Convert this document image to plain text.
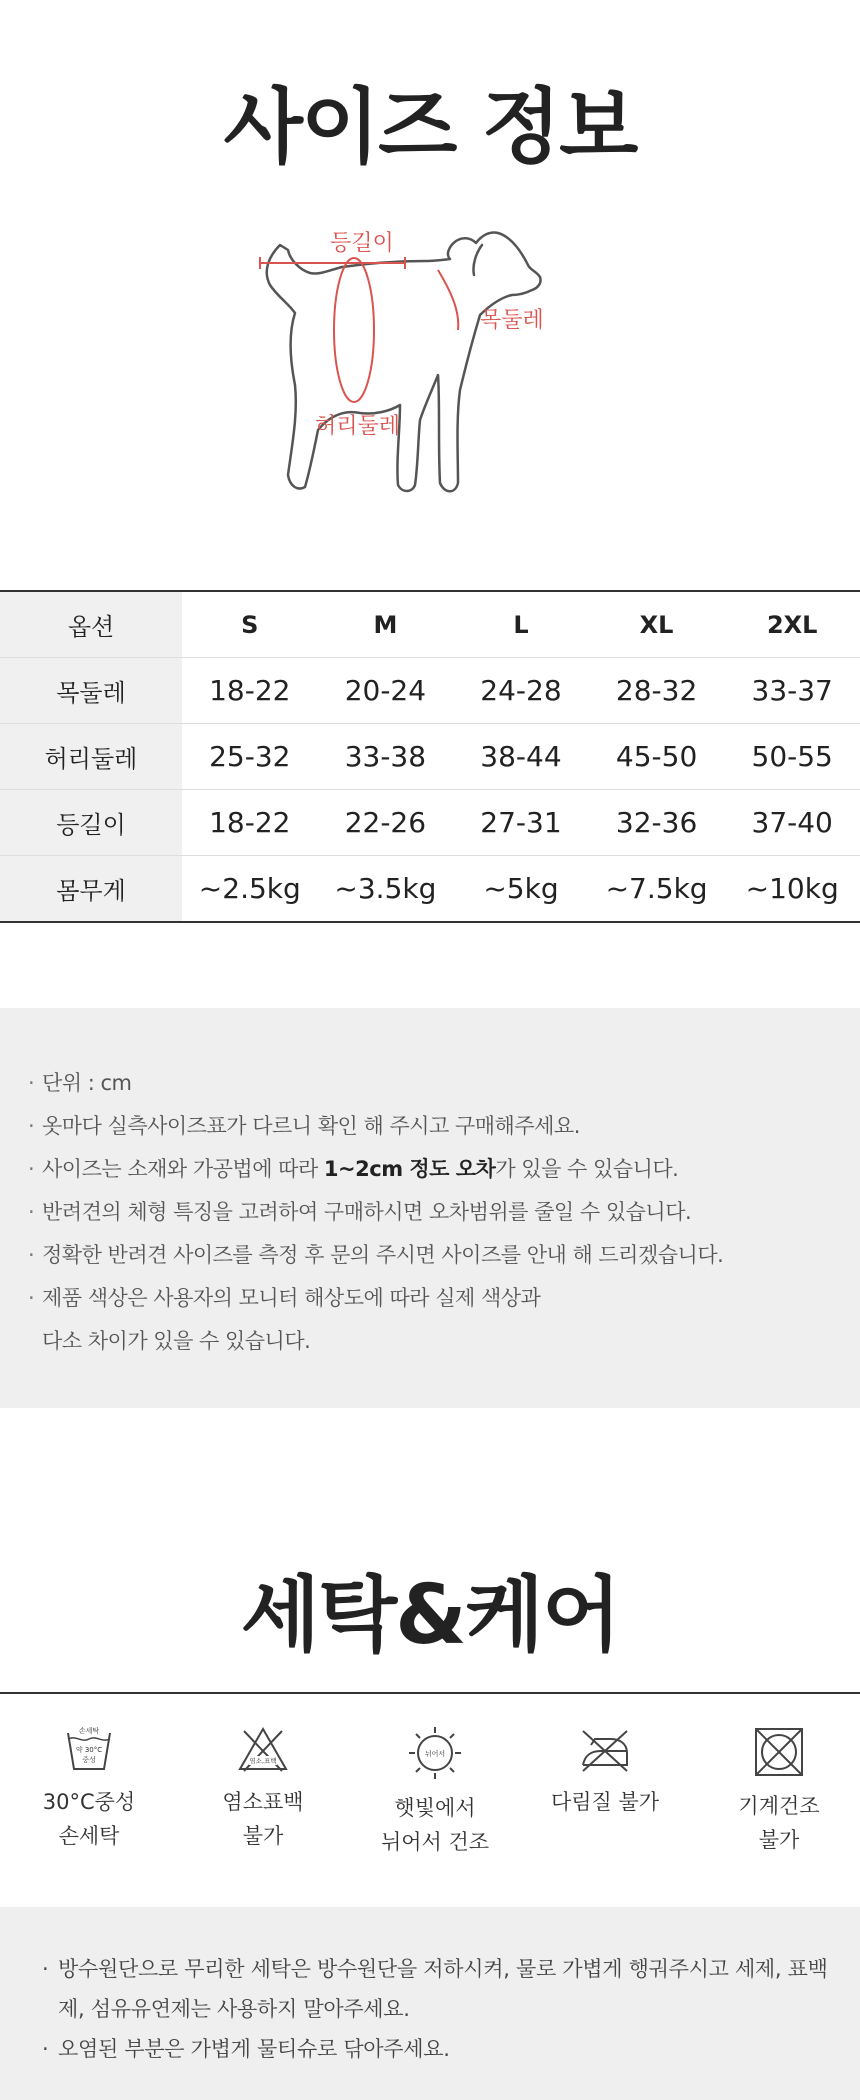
사이즈 정보
등길이
목둘레
허리둘레
옵션	S	M	L	XL	2XL
목둘레	18-22	20-24	24-28	28-32	33-37
허리둘레	25-32	33-38	38-44	45-50	50-55
등길이	18-22	22-26	27-31	32-36	37-40
몸무게	~2.5kg	~3.5kg	~5kg	~7.5kg	~10kg
· 단위 : cm
· 옷마다 실측사이즈표가 다르니 확인 해 주시고 구매해주세요.
· 사이즈는 소재와 가공법에 따라 1~2cm 정도 오차가 있을 수 있습니다.
· 반려견의 체형 특징을 고려하여 구매하시면 오차범위를 줄일 수 있습니다.
· 정확한 반려견 사이즈를 측정 후 문의 주시면 사이즈를 안내 해 드리겠습니다.
· 제품 색상은 사용자의 모니터 해상도에 따라 실제 색상과
다소 차이가 있을 수 있습니다.
세탁&케어
손세탁
약 30°C
중성
30°C중성
손세탁
염소,표백
염소표백
불가
뉘어서
햇빛에서
뉘어서 건조
다림질 불가	기계건조
불가
· 방수원단으로 무리한 세탁은 방수원단을 저하시켜, 물로 가볍게 행궈주시고 세제, 표백제, 섬유유연제는 사용하지 말아주세요.
· 오염된 부분은 가볍게 물티슈로 닦아주세요.
